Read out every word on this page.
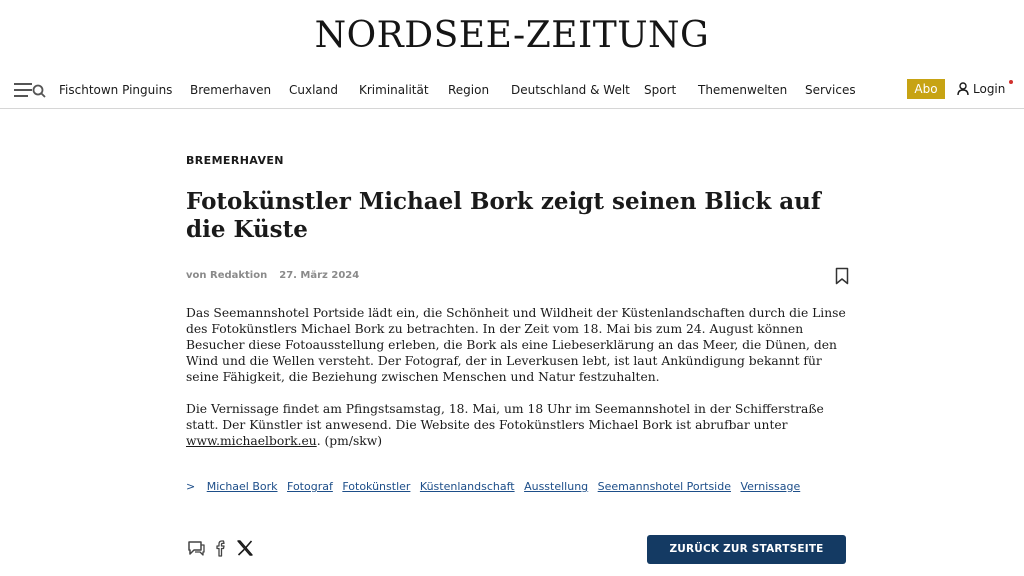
NORDSEE-ZEITUNG
Fischtown Pinguins Bremerhaven Cuxland Kriminalität Region Deutschland & Welt Sport Themenwelten Services	Abo	Login
BREMERHAVEN
Fotokünstler Michael Bork zeigt seinen Blick auf die Küste
von Redaktion 27. März 2024

Das Seemannshotel Portside lädt ein, die Schönheit und Wildheit der Küstenlandschaften durch die Linse des Fotokünstlers Michael Bork zu betrachten. In der Zeit vom 18. Mai bis zum 24. August können Besucher diese Fotoausstellung erleben, die Bork als eine Liebeserklärung an das Meer, die Dünen, den Wind und die Wellen versteht. Der Fotograf, der in Leverkusen lebt, ist laut Ankündigung bekannt für seine Fähigkeit, die Beziehung zwischen Menschen und Natur festzuhalten.

Die Vernissage findet am Pfingstsamstag, 18. Mai, um 18 Uhr im Seemannshotel in der Schifferstraße statt. Der Künstler ist anwesend. Die Website des Fotokünstlers Michael Bork ist abrufbar unter www.michaelbork.eu. (pm/skw)

> Michael Bork Fotograf Fotokünstler Küstenlandschaft Ausstellung Seemannshotel Portside Vernissage
ZURÜCK ZUR STARTSEITE
